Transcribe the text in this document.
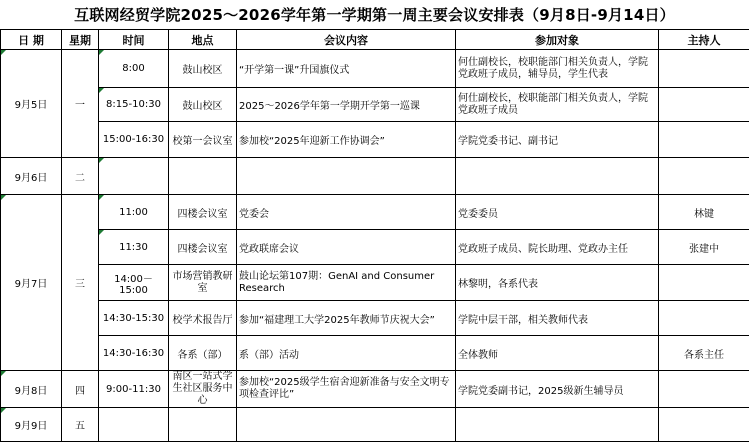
互联网经贸学院2025～2026学年第一学期第一周主要会议安排表（9月8日-9月14日）
日 期	星期	时间	地点	会议内容	参加对象	主持人
9月5日	一	8:00	鼓山校区	“开学第一课”升国旗仪式	何仕副校长，校职能部门相关负责人，学院党政班子成员，辅导员，学生代表	
		8:15-10:30	鼓山校区	2025～2026学年第一学期开学第一巡课	何仕副校长，校职能部门相关负责人，学院党政班子成员	
		15:00-16:30	校第一会议室	参加校“2025年迎新工作协调会”	学院党委书记、副书记	
9月6日	二					
9月7日	三	11:00	四楼会议室	党委会	党委委员	林键
		11:30	四楼会议室	党政联席会议	党政班子成员、院长助理、党政办主任	张建中
		14:00－15:00	市场营销教研室	鼓山论坛第107期：GenAI and Consumer Research	林黎明，各系代表	
		14:30-15:30	校学术报告厅	参加“福建理工大学2025年教师节庆祝大会”	学院中层干部，相关教师代表	
		14:30-16:30	各系（部）	系（部）活动	全体教师	各系主任
9月8日	四	9:00-11:30	南区一站式学生社区服务中心	参加校“2025级学生宿舍迎新准备与安全文明专项检查评比”	学院党委副书记，2025级新生辅导员	
9月9日	五					
